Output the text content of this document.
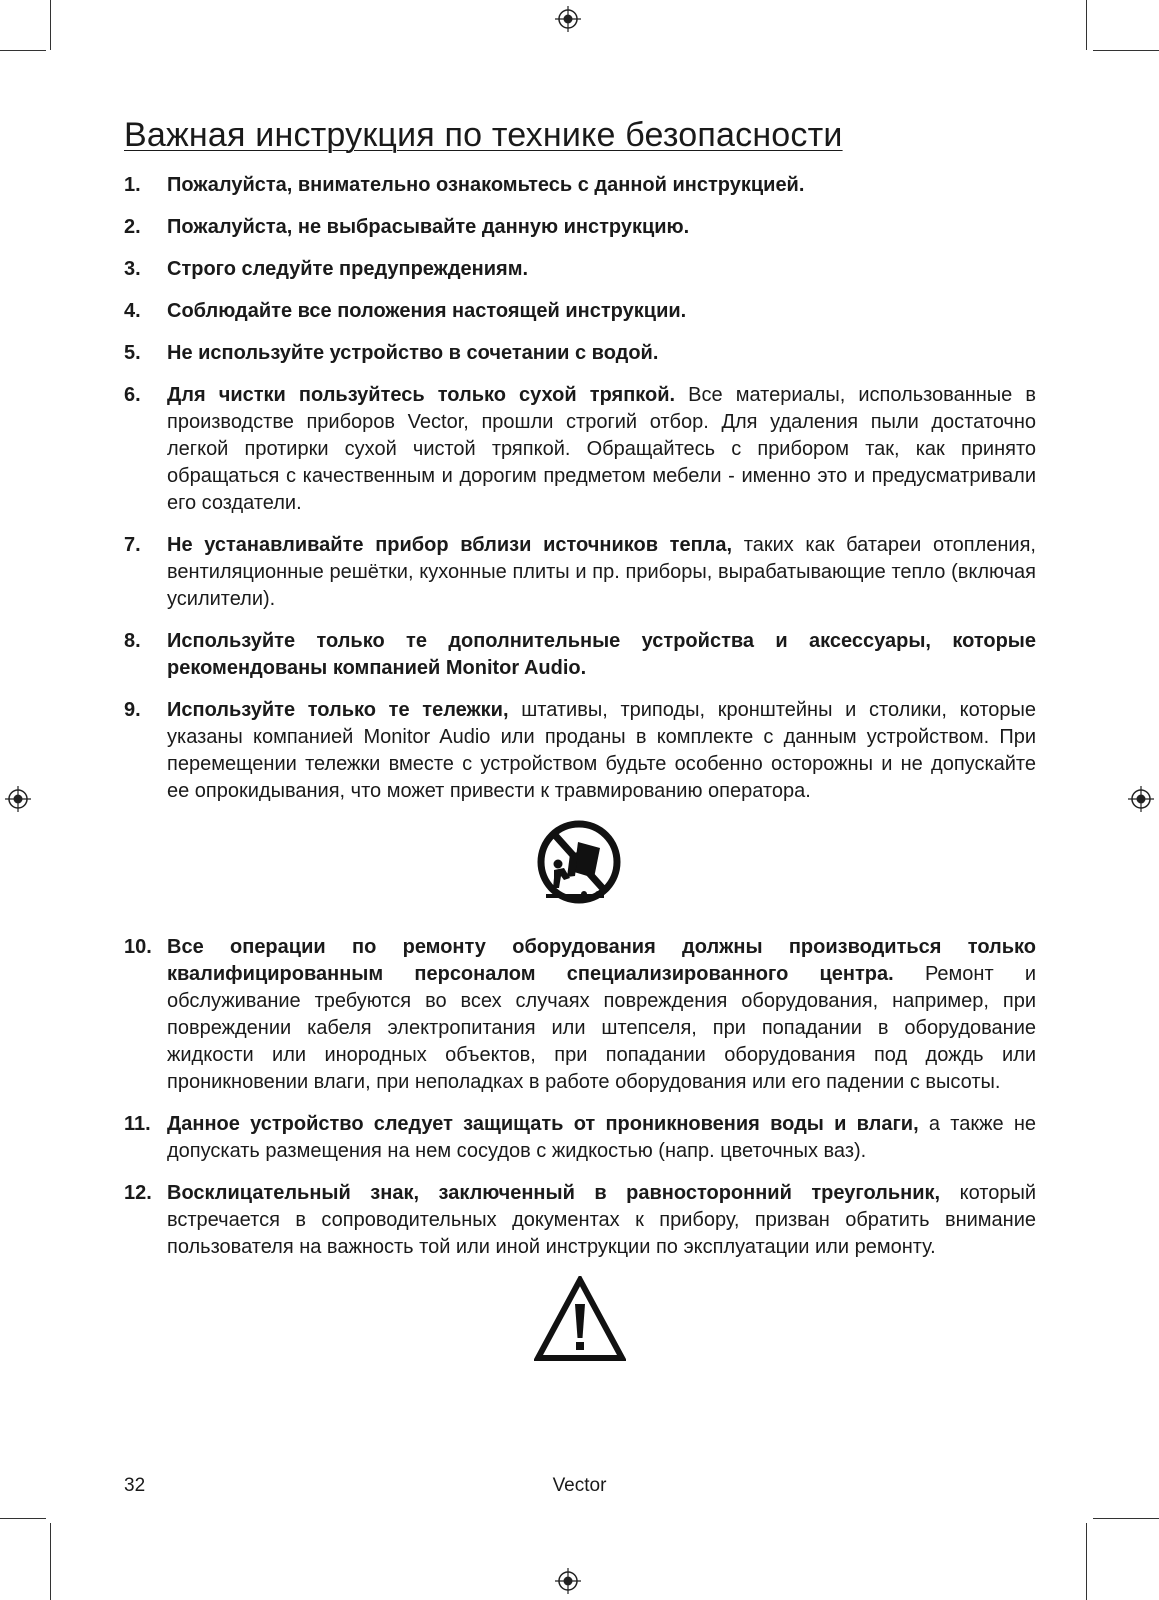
Важная инструкция по технике безопасности
1.	Пожалуйста, внимательно ознакомьтесь с данной инструкцией.
2.	Пожалуйста, не выбрасывайте данную инструкцию.
3.	Строго следуйте предупреждениям.
4.	Соблюдайте все положения настоящей инструкции.
5.	Не используйте устройство в сочетании с водой.
6.	Для чистки пользуйтесь только сухой тряпкой. Все материалы, использованные в производстве приборов Vector, прошли строгий отбор. Для удаления пыли достаточно легкой протирки сухой чистой тряпкой. Обращайтесь с прибором так, как принято обращаться с качественным и дорогим предметом мебели - именно это и предусматривали его создатели.
7.	Не устанавливайте прибор вблизи источников тепла, таких как батареи отопления, вентиляционные решётки, кухонные плиты и пр. приборы, вырабатывающие тепло (включая усилители).
8.	Используйте только те дополнительные устройства и аксессуары, которые рекомендованы компанией Monitor Audio.
9.	Используйте только те тележки, штативы, триподы, кронштейны и столики, которые указаны компанией Monitor Audio или проданы в комплекте с данным устройством. При перемещении тележки вместе с устройством будьте особенно осторожны и не допускайте ее опрокидывания, что может привести к травмированию оператора.
10. Все операции по ремонту оборудования должны производиться только квалифицированным персоналом специализированного центра. Ремонт и обслуживание требуются во всех случаях повреждения оборудования, например, при повреждении кабеля электропитания или штепселя, при попадании в оборудование жидкости или инородных объектов, при попадании оборудования под дождь или проникновении влаги, при неполадках в работе оборудования или его падении с высоты.
11. Данное устройство следует защищать от проникновения воды и влаги, а также не допускать размещения на нем сосудов с жидкостью (напр. цветочных ваз).
12. Восклицательный знак, заключенный в равносторонний треугольник, который встречается в сопроводительных документах к прибору, призван обратить внимание пользователя на важность той или иной инструкции по эксплуатации или ремонту.
32	Vector
